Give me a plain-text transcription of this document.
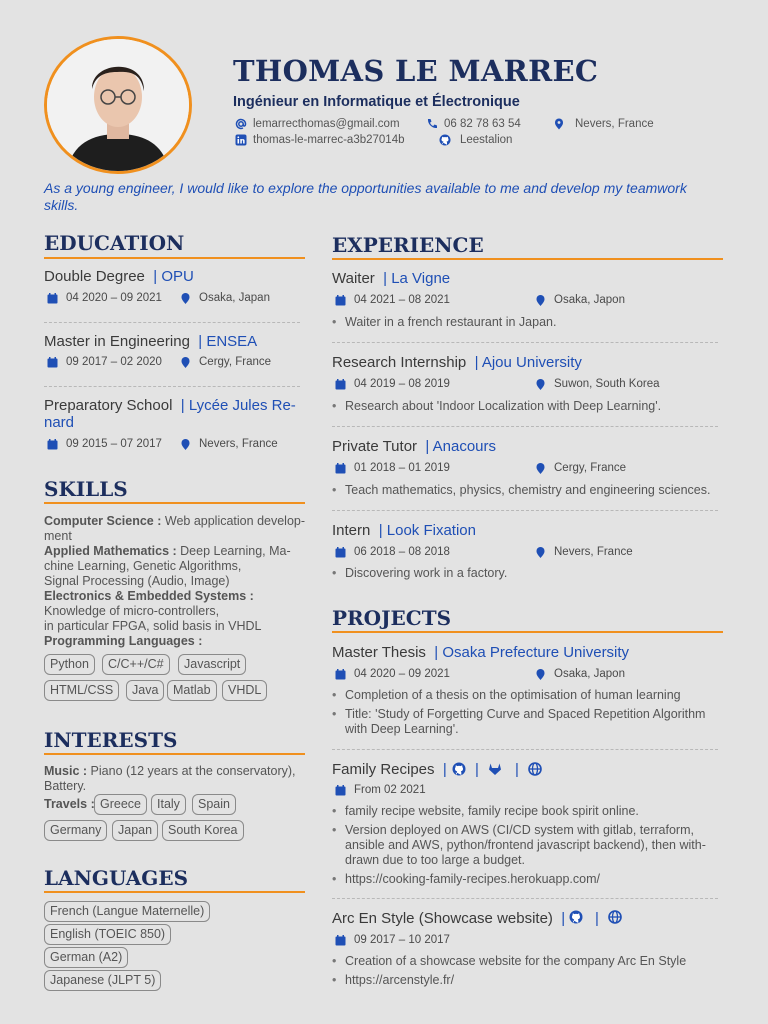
THOMAS LE MARREC
Ingénieur en Informatique et Électronique
lemarrecthomas@gmail.com	06 82 78 63 54	Nevers, France
thomas-le-marrec-a3b27014b	Leestalion
As a young engineer, I would like to explore the opportunities available to me and develop my teamwork skills.
EDUCATION
Double Degree | OPU
04 2020 – 09 2021	Osaka, Japan
Master in Engineering | ENSEA
09 2017 – 02 2020	Cergy, France
Preparatory School | Lycée Jules Re-
nard
09 2015 – 07 2017	Nevers, France
SKILLS
Computer Science : Web application develop-
ment
Applied Mathematics : Deep Learning, Ma-
chine Learning, Genetic Algorithms,
Signal Processing (Audio, Image)
Electronics & Embedded Systems :
Knowledge of micro-controllers,
in particular FPGA, solid basis in VHDL
Programming Languages :
Python	C/C++/C#	Javascript
HTML/CSS	Java	Matlab	VHDL
INTERESTS
Music : Piano (12 years at the conservatory),
Battery.
Travels : Greece	Italy	Spain
Germany	Japan	South Korea
LANGUAGES
French (Langue Maternelle)
English (TOEIC 850)
German (A2)
Japanese (JLPT 5)
EXPERIENCE
Waiter | La Vigne
04 2021 – 08 2021	Osaka, Japon
• Waiter in a french restaurant in Japan.
Research Internship | Ajou University
04 2019 – 08 2019	Suwon, South Korea
• Research about 'Indoor Localization with Deep Learning'.
Private Tutor | Anacours
01 2018 – 01 2019	Cergy, France
• Teach mathematics, physics, chemistry and engineering sciences.
Intern | Look Fixation
06 2018 – 08 2018	Nevers, France
• Discovering work in a factory.
PROJECTS
Master Thesis | Osaka Prefecture University
04 2020 – 09 2021	Osaka, Japon
• Completion of a thesis on the optimisation of human learning
• Title: 'Study of Forgetting Curve and Spaced Repetition Algorithm
with Deep Learning'.
Family Recipes | | |
From 02 2021
• family recipe website, family recipe book spirit online.
• Version deployed on AWS (CI/CD system with gitlab, terraform,
ansible and AWS, python/frontend javascript backend), then with-
drawn due to too large a budget.
• https://cooking-family-recipes.herokuapp.com/
Arc En Style (Showcase website) | |
09 2017 – 10 2017
• Creation of a showcase website for the company Arc En Style
• https://arcenstyle.fr/
